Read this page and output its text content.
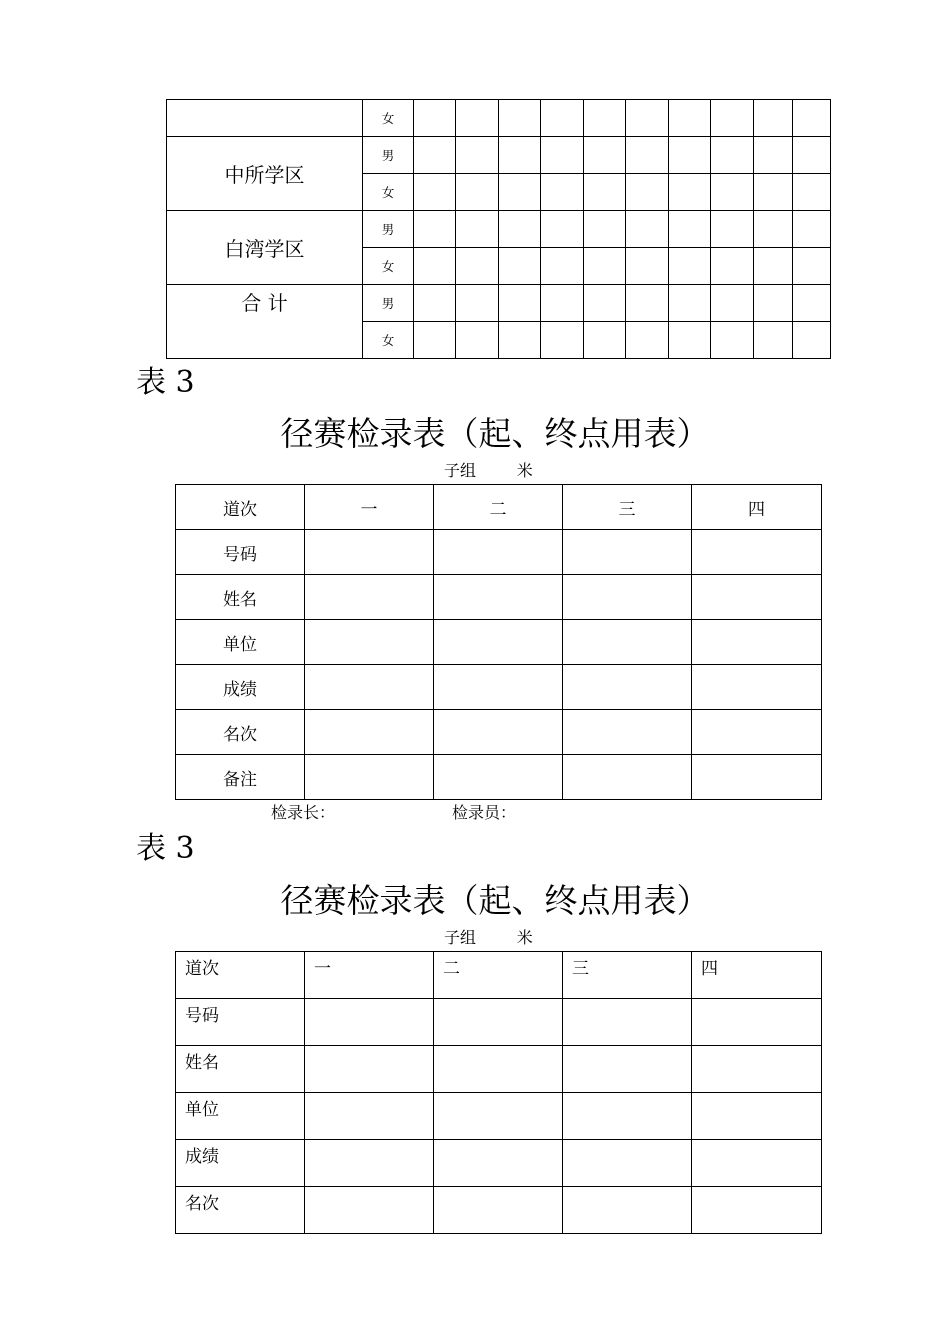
	女										
中所学区	男										
	女										
白湾学区	男										
	女										
合 计	男										
	女										
表 3
径赛检录表（起、终点用表）
子组        米
道次	一	二	三	四
号码				
姓名				
单位				
成绩				
名次				
备注				
检录长：	检录员：
表 3
径赛检录表（起、终点用表）
子组        米
道次	一	二	三	四
号码				
姓名				
单位				
成绩				
名次				
